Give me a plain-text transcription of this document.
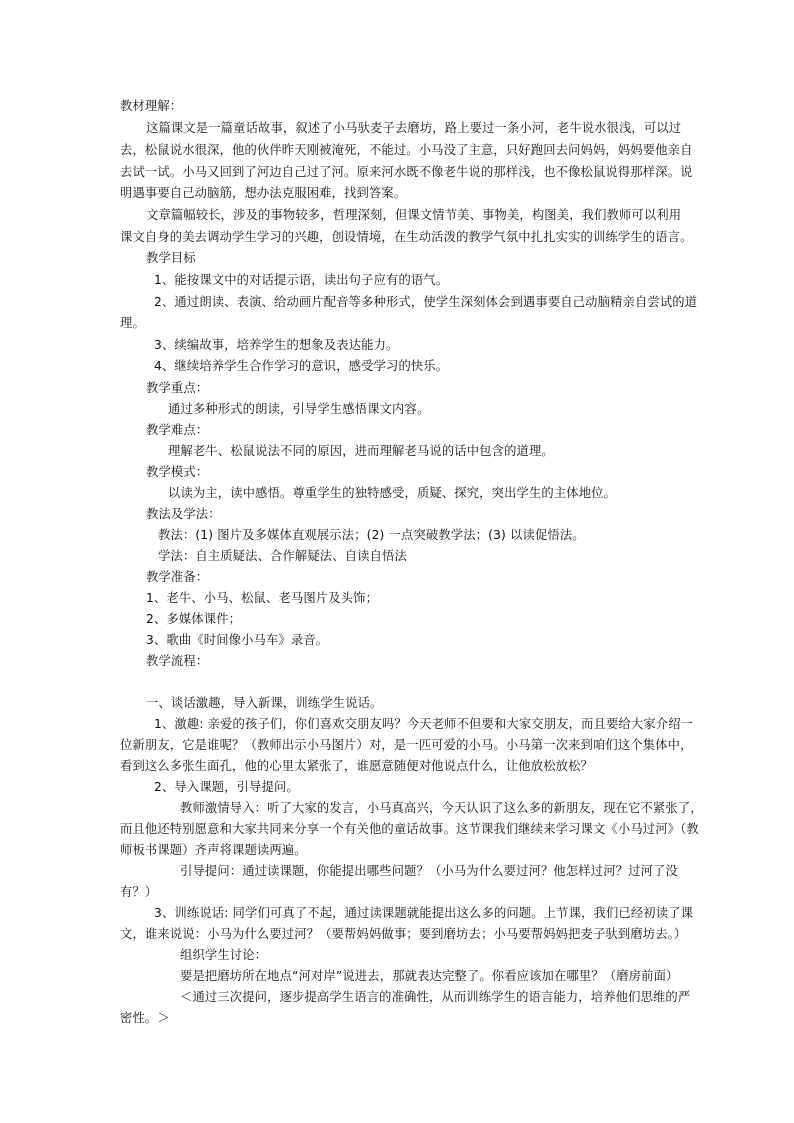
教材理解：
这篇课文是一篇童话故事，叙述了小马驮麦子去磨坊，路上要过一条小河，老牛说水很浅，可以过
去，松鼠说水很深，他的伙伴昨天刚被淹死，不能过。小马没了主意，只好跑回去问妈妈，妈妈要他亲自
去试一试。小马又回到了河边自己过了河。原来河水既不像老牛说的那样浅，也不像松鼠说得那样深。说
明遇事要自己动脑筋，想办法克服困难，找到答案。
文章篇幅较长，涉及的事物较多，哲理深刻，但课文情节美、事物美，构图美，我们教师可以利用
课文自身的美去调动学生学习的兴趣，创设情境，在生动活泼的教学气氛中扎扎实实的训练学生的语言。
教学目标
1、能按课文中的对话提示语，读出句子应有的语气。
2、通过朗读、表演、给动画片配音等多种形式，使学生深刻体会到遇事要自己动脑精亲自尝试的道
理。
3、续编故事，培养学生的想象及表达能力。
4、继续培养学生合作学习的意识，感受学习的快乐。
教学重点：
通过多种形式的朗读，引导学生感悟课文内容。
教学难点：
理解老牛、松鼠说法不同的原因，进而理解老马说的话中包含的道理。
教学模式：
以读为主，读中感悟。尊重学生的独特感受，质疑、探究，突出学生的主体地位。
教法及学法：
教法：(1) 图片及多媒体直观展示法；(2) 一点突破教学法；(3) 以读促悟法。
学法：自主质疑法、合作解疑法、自读自悟法
教学准备：
1、老牛、小马、松鼠、老马图片及头饰；
2、多媒体课件；
3、歌曲《时间像小马车》录音。
教学流程：
一、谈话激趣，导入新课，训练学生说话。
1、激趣: 亲爱的孩子们，你们喜欢交朋友吗？今天老师不但要和大家交朋友，而且要给大家介绍一
位新朋友，它是谁呢？（教师出示小马图片）对，是一匹可爱的小马。小马第一次来到咱们这个集体中，
看到这么多张生面孔，他的心里太紧张了，谁愿意随便对他说点什么，让他放松放松？
2、导入课题，引导提问。
教师激情导入：听了大家的发言，小马真高兴，今天认识了这么多的新朋友，现在它不紧张了，
而且他还特别愿意和大家共同来分享一个有关他的童话故事。这节课我们继续来学习课文《小马过河》（教
师板书课题）齐声将课题读两遍。
引导提问：通过读课题，你能提出哪些问题？（小马为什么要过河？他怎样过河？过河了没
有？）
3、训练说话: 同学们可真了不起，通过读课题就能提出这么多的问题。上节课，我们已经初读了课
文，谁来说说：小马为什么要过河？（要帮妈妈做事；要到磨坊去；小马要帮妈妈把麦子驮到磨坊去。）
组织学生讨论：
要是把磨坊所在地点“河对岸”说进去，那就表达完整了。你看应该加在哪里？（磨房前面）
＜通过三次提问，逐步提高学生语言的准确性，从而训练学生的语言能力，培养他们思维的严
密性。＞
